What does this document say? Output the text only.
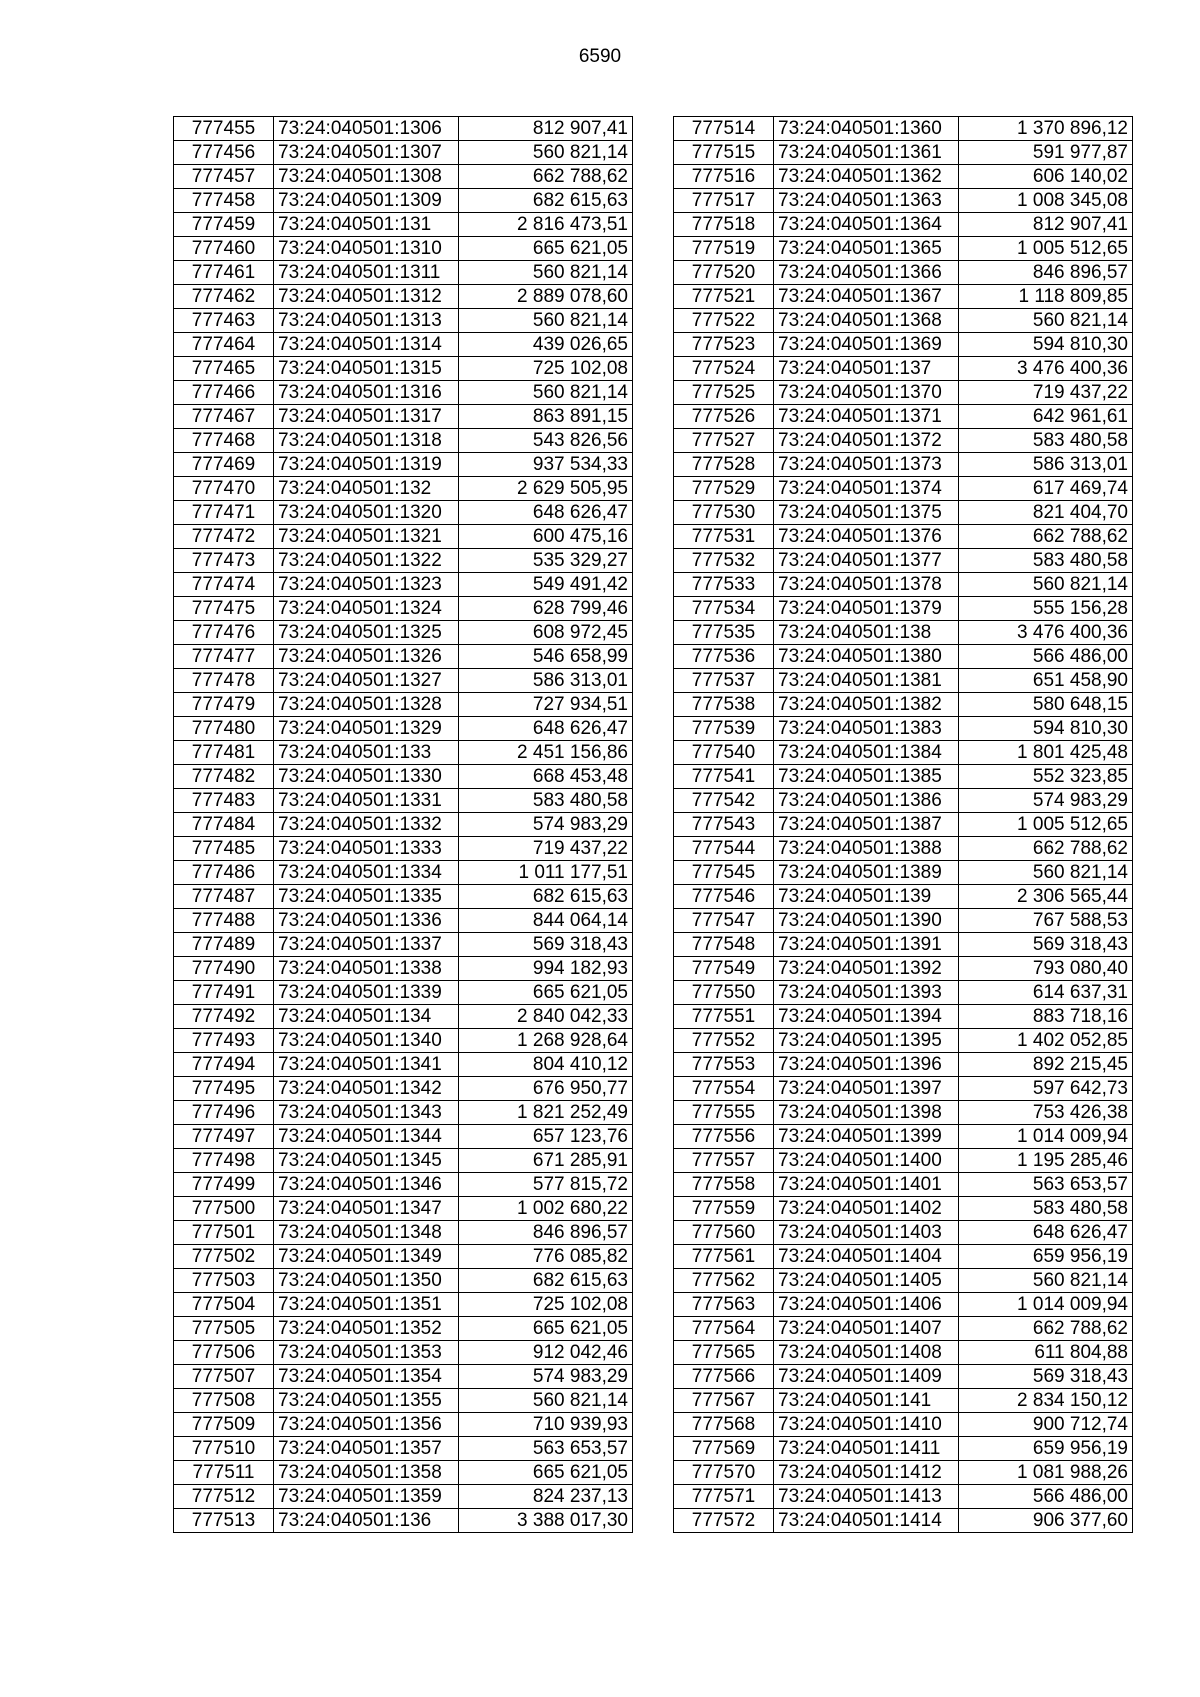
6590
777455	73:24:040501:1306	812 907,41
777456	73:24:040501:1307	560 821,14
777457	73:24:040501:1308	662 788,62
777458	73:24:040501:1309	682 615,63
777459	73:24:040501:131	2 816 473,51
777460	73:24:040501:1310	665 621,05
777461	73:24:040501:1311	560 821,14
777462	73:24:040501:1312	2 889 078,60
777463	73:24:040501:1313	560 821,14
777464	73:24:040501:1314	439 026,65
777465	73:24:040501:1315	725 102,08
777466	73:24:040501:1316	560 821,14
777467	73:24:040501:1317	863 891,15
777468	73:24:040501:1318	543 826,56
777469	73:24:040501:1319	937 534,33
777470	73:24:040501:132	2 629 505,95
777471	73:24:040501:1320	648 626,47
777472	73:24:040501:1321	600 475,16
777473	73:24:040501:1322	535 329,27
777474	73:24:040501:1323	549 491,42
777475	73:24:040501:1324	628 799,46
777476	73:24:040501:1325	608 972,45
777477	73:24:040501:1326	546 658,99
777478	73:24:040501:1327	586 313,01
777479	73:24:040501:1328	727 934,51
777480	73:24:040501:1329	648 626,47
777481	73:24:040501:133	2 451 156,86
777482	73:24:040501:1330	668 453,48
777483	73:24:040501:1331	583 480,58
777484	73:24:040501:1332	574 983,29
777485	73:24:040501:1333	719 437,22
777486	73:24:040501:1334	1 011 177,51
777487	73:24:040501:1335	682 615,63
777488	73:24:040501:1336	844 064,14
777489	73:24:040501:1337	569 318,43
777490	73:24:040501:1338	994 182,93
777491	73:24:040501:1339	665 621,05
777492	73:24:040501:134	2 840 042,33
777493	73:24:040501:1340	1 268 928,64
777494	73:24:040501:1341	804 410,12
777495	73:24:040501:1342	676 950,77
777496	73:24:040501:1343	1 821 252,49
777497	73:24:040501:1344	657 123,76
777498	73:24:040501:1345	671 285,91
777499	73:24:040501:1346	577 815,72
777500	73:24:040501:1347	1 002 680,22
777501	73:24:040501:1348	846 896,57
777502	73:24:040501:1349	776 085,82
777503	73:24:040501:1350	682 615,63
777504	73:24:040501:1351	725 102,08
777505	73:24:040501:1352	665 621,05
777506	73:24:040501:1353	912 042,46
777507	73:24:040501:1354	574 983,29
777508	73:24:040501:1355	560 821,14
777509	73:24:040501:1356	710 939,93
777510	73:24:040501:1357	563 653,57
777511	73:24:040501:1358	665 621,05
777512	73:24:040501:1359	824 237,13
777513	73:24:040501:136	3 388 017,30
777514	73:24:040501:1360	1 370 896,12
777515	73:24:040501:1361	591 977,87
777516	73:24:040501:1362	606 140,02
777517	73:24:040501:1363	1 008 345,08
777518	73:24:040501:1364	812 907,41
777519	73:24:040501:1365	1 005 512,65
777520	73:24:040501:1366	846 896,57
777521	73:24:040501:1367	1 118 809,85
777522	73:24:040501:1368	560 821,14
777523	73:24:040501:1369	594 810,30
777524	73:24:040501:137	3 476 400,36
777525	73:24:040501:1370	719 437,22
777526	73:24:040501:1371	642 961,61
777527	73:24:040501:1372	583 480,58
777528	73:24:040501:1373	586 313,01
777529	73:24:040501:1374	617 469,74
777530	73:24:040501:1375	821 404,70
777531	73:24:040501:1376	662 788,62
777532	73:24:040501:1377	583 480,58
777533	73:24:040501:1378	560 821,14
777534	73:24:040501:1379	555 156,28
777535	73:24:040501:138	3 476 400,36
777536	73:24:040501:1380	566 486,00
777537	73:24:040501:1381	651 458,90
777538	73:24:040501:1382	580 648,15
777539	73:24:040501:1383	594 810,30
777540	73:24:040501:1384	1 801 425,48
777541	73:24:040501:1385	552 323,85
777542	73:24:040501:1386	574 983,29
777543	73:24:040501:1387	1 005 512,65
777544	73:24:040501:1388	662 788,62
777545	73:24:040501:1389	560 821,14
777546	73:24:040501:139	2 306 565,44
777547	73:24:040501:1390	767 588,53
777548	73:24:040501:1391	569 318,43
777549	73:24:040501:1392	793 080,40
777550	73:24:040501:1393	614 637,31
777551	73:24:040501:1394	883 718,16
777552	73:24:040501:1395	1 402 052,85
777553	73:24:040501:1396	892 215,45
777554	73:24:040501:1397	597 642,73
777555	73:24:040501:1398	753 426,38
777556	73:24:040501:1399	1 014 009,94
777557	73:24:040501:1400	1 195 285,46
777558	73:24:040501:1401	563 653,57
777559	73:24:040501:1402	583 480,58
777560	73:24:040501:1403	648 626,47
777561	73:24:040501:1404	659 956,19
777562	73:24:040501:1405	560 821,14
777563	73:24:040501:1406	1 014 009,94
777564	73:24:040501:1407	662 788,62
777565	73:24:040501:1408	611 804,88
777566	73:24:040501:1409	569 318,43
777567	73:24:040501:141	2 834 150,12
777568	73:24:040501:1410	900 712,74
777569	73:24:040501:1411	659 956,19
777570	73:24:040501:1412	1 081 988,26
777571	73:24:040501:1413	566 486,00
777572	73:24:040501:1414	906 377,60
